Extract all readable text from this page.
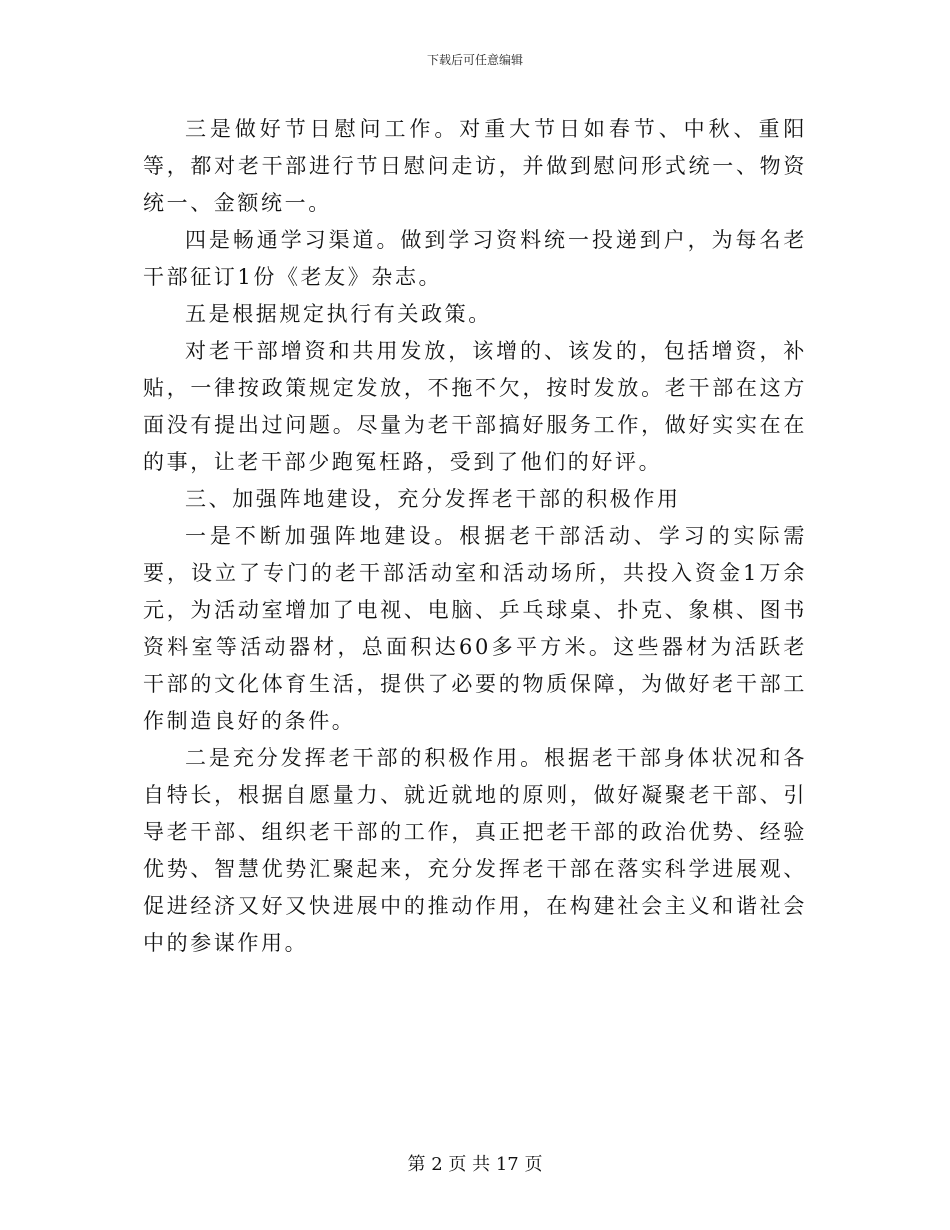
下载后可任意编辑

三是做好节日慰问工作。对重大节日如春节、中秋、重阳等，都对老干部进行节日慰问走访，并做到慰问形式统一、物资统一、金额统一。

四是畅通学习渠道。做到学习资料统一投递到户，为每名老干部征订1份《老友》杂志。

五是根据规定执行有关政策。

对老干部增资和共用发放，该增的、该发的，包括增资，补贴，一律按政策规定发放，不拖不欠，按时发放。老干部在这方面没有提出过问题。尽量为老干部搞好服务工作，做好实实在在的事，让老干部少跑冤枉路，受到了他们的好评。

三、加强阵地建设，充分发挥老干部的积极作用

一是不断加强阵地建设。根据老干部活动、学习的实际需要，设立了专门的老干部活动室和活动场所，共投入资金1万余元，为活动室增加了电视、电脑、乒乓球桌、扑克、象棋、图书资料室等活动器材，总面积达60多平方米。这些器材为活跃老干部的文化体育生活，提供了必要的物质保障，为做好老干部工作制造良好的条件。

二是充分发挥老干部的积极作用。根据老干部身体状况和各自特长，根据自愿量力、就近就地的原则，做好凝聚老干部、引导老干部、组织老干部的工作，真正把老干部的政治优势、经验优势、智慧优势汇聚起来，充分发挥老干部在落实科学进展观、促进经济又好又快进展中的推动作用，在构建社会主义和谐社会中的参谋作用。

第 2 页 共 17 页
